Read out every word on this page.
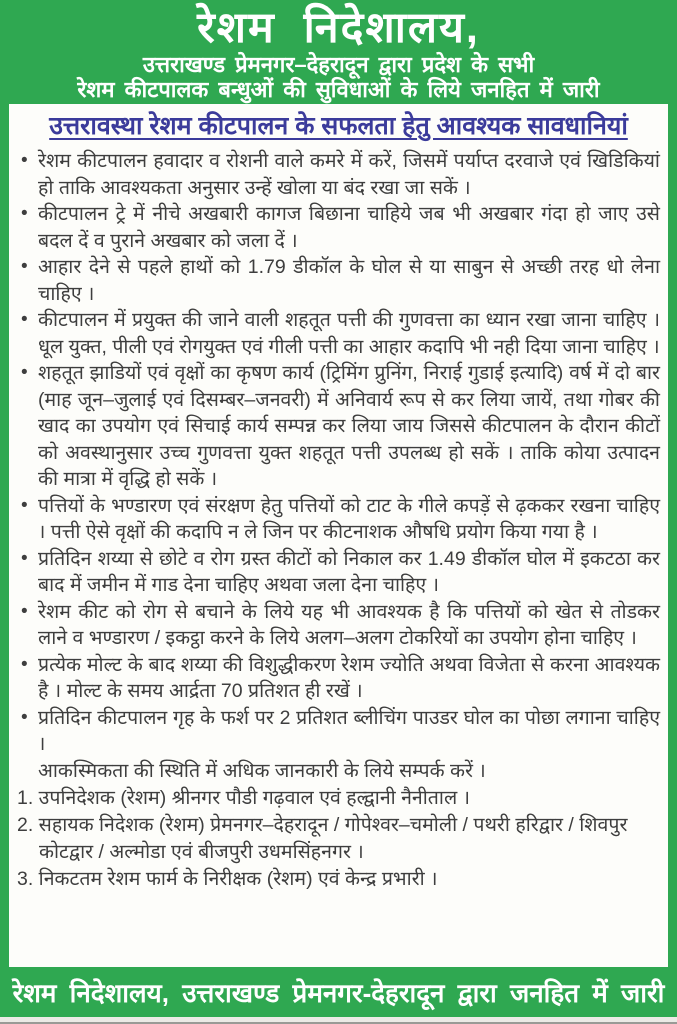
रेशम निदेशालय,
उत्तराखण्ड प्रेमनगर–देहरादून द्वारा प्रदेश के सभी
रेशम कीटपालक बन्धुओं की सुविधाओं के लिये जनहित में जारी
उत्तरावस्था रेशम कीटपालन के सफलता हेतु आवश्यक सावधानियां
• रेशम कीटपालन हवादार व रोशनी वाले कमरे में करें, जिसमें पर्याप्त दरवाजे एवं खिडिकियां हो ताकि आवश्यकता अनुसार उन्हें खोला या बंद रखा जा सकें ।
• कीटपालन ट्रे में नीचे अखबारी कागज बिछाना चाहिये जब भी अखबार गंदा हो जाए उसे बदल दें व पुराने अखबार को जला दें ।
• आहार देने से पहले हाथों को 1.79 डीकॉल के घोल से या साबुन से अच्छी तरह धो लेना चाहिए ।
• कीटपालन में प्रयुक्त की जाने वाली शहतूत पत्ती की गुणवत्ता का ध्यान रखा जाना चाहिए । धूल युक्त, पीली एवं रोगयुक्त एवं गीली पत्ती का आहार कदापि भी नही दिया जाना चाहिए ।
• शहतूत झाडियों एवं वृक्षों का कृषण कार्य (ट्रिमिंग प्रुनिंग, निराई गुडाई इत्यादि) वर्ष में दो बार (माह जून–जुलाई एवं दिसम्बर–जनवरी) में अनिवार्य रूप से कर लिया जायें, तथा गोबर की खाद का उपयोग एवं सिचाई कार्य सम्पन्न कर लिया जाय जिससे कीटपालन के दौरान कीटों को अवस्थानुसार उच्च गुणवत्ता युक्त शहतूत पत्ती उपलब्ध हो सकें । ताकि कोया उत्पादन की मात्रा में वृद्धि हो सकें ।
• पत्तियों के भण्डारण एवं संरक्षण हेतु पत्तियों को टाट के गीले कपड़ें से ढ़ककर रखना चाहिए । पत्ती ऐसे वृक्षों की कदापि न ले जिन पर कीटनाशक औषधि प्रयोग किया गया है ।
• प्रतिदिन शय्या से छोटे व रोग ग्रस्त कीटों को निकाल कर 1.49 डीकॉल घोल में इकटठा कर बाद में जमीन में गाड देना चाहिए अथवा जला देना चाहिए ।
• रेशम कीट को रोग से बचाने के लिये यह भी आवश्यक है कि पत्तियों को खेत से तोडकर लाने व भण्डारण / इकट्ठा करने के लिये अलग–अलग टोकरियों का उपयोग होना चाहिए ।
• प्रत्येक मोल्ट के बाद शय्या की विशुद्धीकरण रेशम ज्योति अथवा विजेता से करना आवश्यक है । मोल्ट के समय आर्द्रता 70 प्रतिशत ही रखें ।
• प्रतिदिन कीटपालन गृह के फर्श पर 2 प्रतिशत ब्लीचिंग पाउडर घोल का पोछा लगाना चाहिए ।

आकस्मिकता की स्थिति में अधिक जानकारी के लिये सम्पर्क करें ।

1. उपनिदेशक (रेशम) श्रीनगर पौडी गढ़वाल एवं हल्द्वानी नैनीताल ।
2. सहायक निदेशक (रेशम) प्रेमनगर–देहरादून / गोपेश्वर–चमोली / पथरी हरिद्वार / शिवपुर कोटद्वार / अल्मोडा एवं बीजपुरी उधमसिंहनगर ।
3. निकटतम रेशम फार्म के निरीक्षक (रेशम) एवं केन्द्र प्रभारी ।
रेशम निदेशालय, उत्तराखण्ड प्रेमनगर-देहरादून द्वारा जनहित में जारी
